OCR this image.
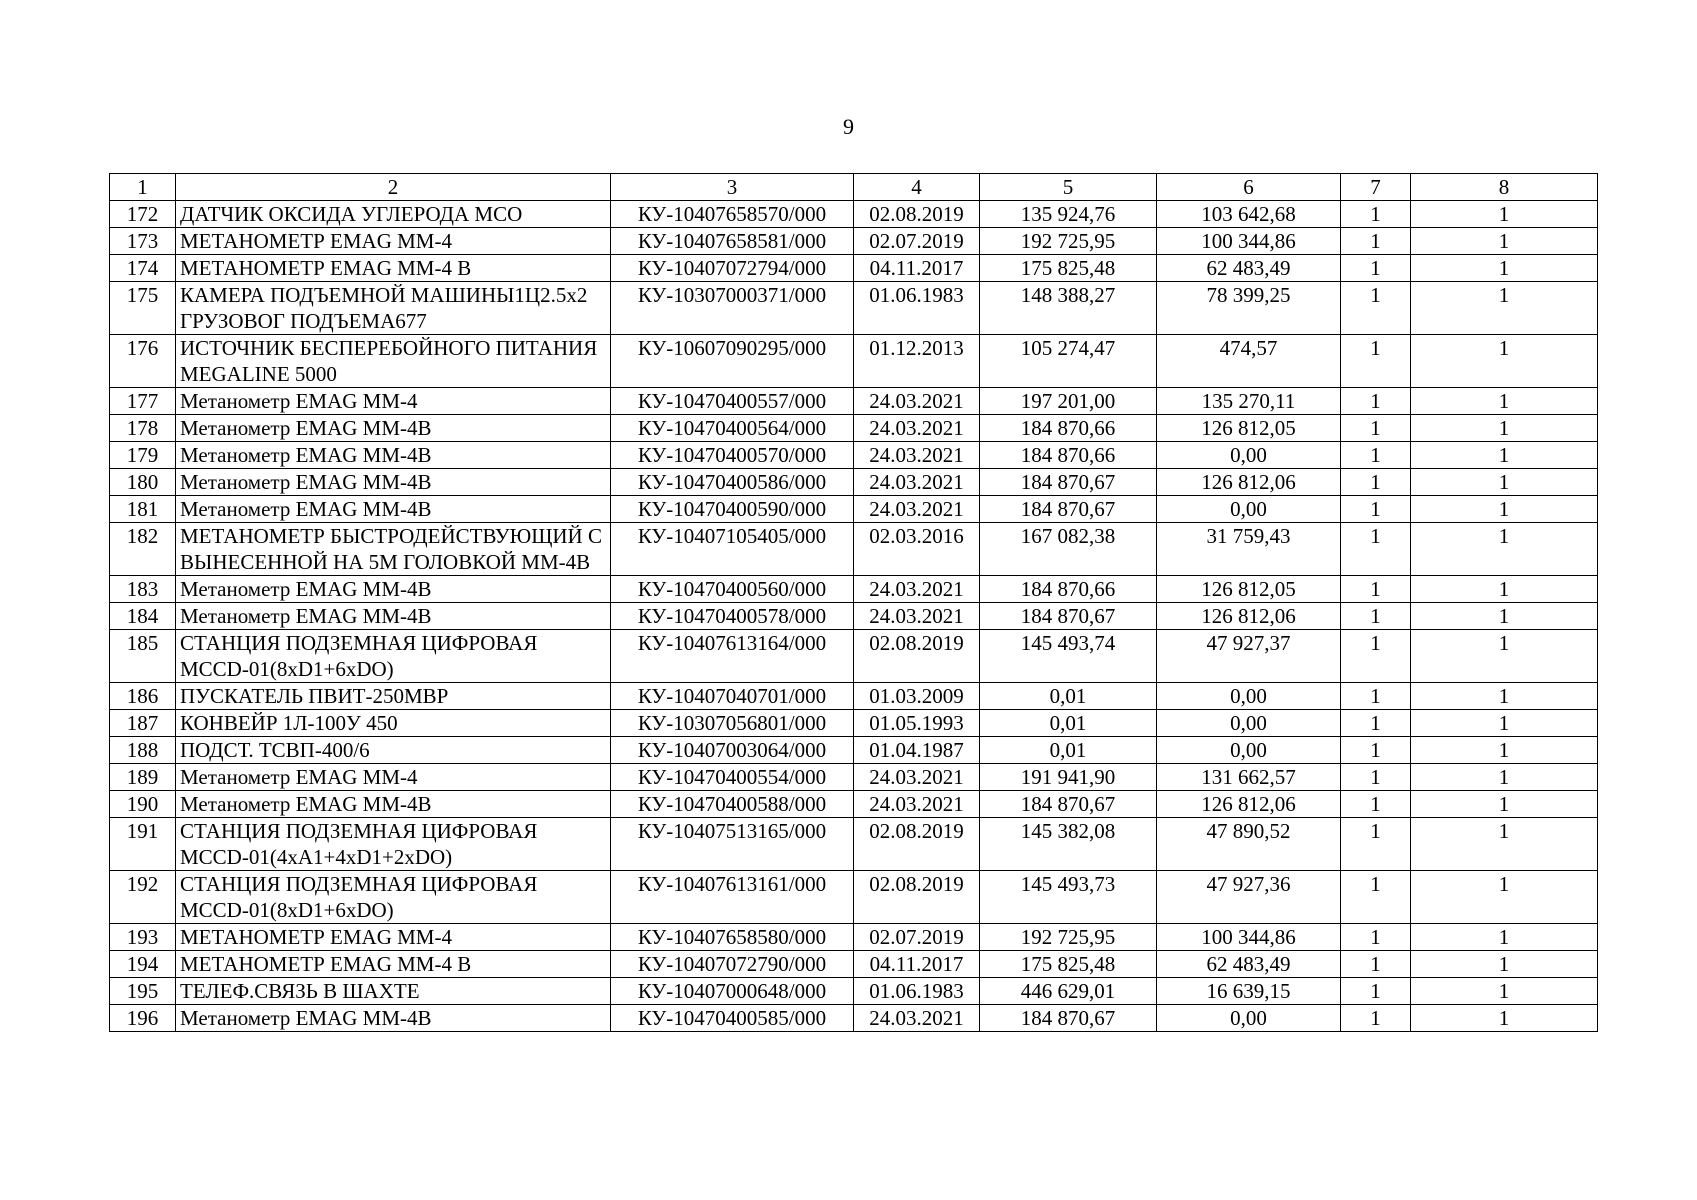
9
1	2	3	4	5	6	7	8
172	ДАТЧИК ОКСИДА УГЛЕРОДА МСО	КУ-10407658570/000	02.08.2019	135 924,76	103 642,68	1	1
173	МЕТАНОМЕТР EMAG MM-4	КУ-10407658581/000	02.07.2019	192 725,95	100 344,86	1	1
174	МЕТАНОМЕТР EMAG MM-4 B	КУ-10407072794/000	04.11.2017	175 825,48	62 483,49	1	1
175	КАМЕРА ПОДЪЕМНОЙ МАШИНЫ1Ц2.5х2 ГРУЗОВОГ ПОДЪЕМА677	КУ-10307000371/000	01.06.1983	148 388,27	78 399,25	1	1
176	ИСТОЧНИК БЕСПЕРЕБОЙНОГО ПИТАНИЯ MEGALINE 5000	КУ-10607090295/000	01.12.2013	105 274,47	474,57	1	1
177	Метанометр EMAG MM-4	КУ-10470400557/000	24.03.2021	197 201,00	135 270,11	1	1
178	Метанометр EMAG MM-4B	КУ-10470400564/000	24.03.2021	184 870,66	126 812,05	1	1
179	Метанометр EMAG MM-4B	КУ-10470400570/000	24.03.2021	184 870,66	0,00	1	1
180	Метанометр EMAG MM-4B	КУ-10470400586/000	24.03.2021	184 870,67	126 812,06	1	1
181	Метанометр EMAG MM-4B	КУ-10470400590/000	24.03.2021	184 870,67	0,00	1	1
182	МЕТАНОМЕТР БЫСТРОДЕЙСТВУЮЩИЙ С ВЫНЕСЕННОЙ НА 5М ГОЛОВКОЙ ММ-4В	КУ-10407105405/000	02.03.2016	167 082,38	31 759,43	1	1
183	Метанометр EMAG MM-4B	КУ-10470400560/000	24.03.2021	184 870,66	126 812,05	1	1
184	Метанометр EMAG MM-4B	КУ-10470400578/000	24.03.2021	184 870,67	126 812,06	1	1
185	СТАНЦИЯ ПОДЗЕМНАЯ ЦИФРОВАЯ MCCD-01(8xD1+6xDO)	КУ-10407613164/000	02.08.2019	145 493,74	47 927,37	1	1
186	ПУСКАТЕЛЬ ПВИТ-250МВР	КУ-10407040701/000	01.03.2009	0,01	0,00	1	1
187	КОНВЕЙР 1Л-100У 450	КУ-10307056801/000	01.05.1993	0,01	0,00	1	1
188	ПОДСТ. ТСВП-400/6	КУ-10407003064/000	01.04.1987	0,01	0,00	1	1
189	Метанометр EMAG MM-4	КУ-10470400554/000	24.03.2021	191 941,90	131 662,57	1	1
190	Метанометр EMAG MM-4B	КУ-10470400588/000	24.03.2021	184 870,67	126 812,06	1	1
191	СТАНЦИЯ ПОДЗЕМНАЯ ЦИФРОВАЯ MCCD-01(4xA1+4xD1+2xDO)	КУ-10407513165/000	02.08.2019	145 382,08	47 890,52	1	1
192	СТАНЦИЯ ПОДЗЕМНАЯ ЦИФРОВАЯ MCCD-01(8xD1+6xDO)	КУ-10407613161/000	02.08.2019	145 493,73	47 927,36	1	1
193	МЕТАНОМЕТР EMAG MM-4	КУ-10407658580/000	02.07.2019	192 725,95	100 344,86	1	1
194	МЕТАНОМЕТР EMAG MM-4 B	КУ-10407072790/000	04.11.2017	175 825,48	62 483,49	1	1
195	ТЕЛЕФ.СВЯЗЬ В ШАХТЕ	КУ-10407000648/000	01.06.1983	446 629,01	16 639,15	1	1
196	Метанометр EMAG MM-4B	КУ-10470400585/000	24.03.2021	184 870,67	0,00	1	1
